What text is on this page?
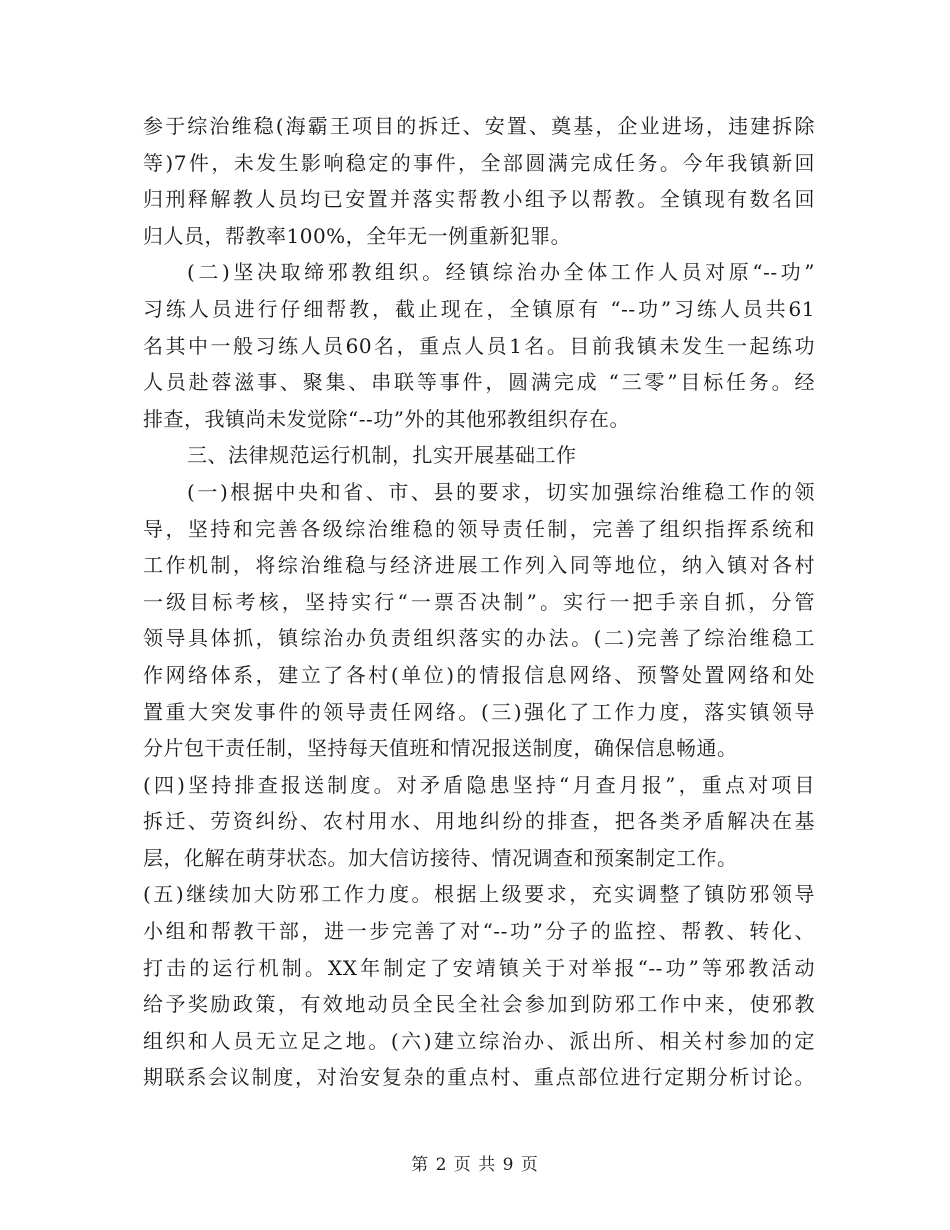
参于综治维稳(海霸王项目的拆迁、安置、奠基，企业进场，违建拆除
等)7件，未发生影响稳定的事件，全部圆满完成任务。今年我镇新回
归刑释解教人员均已安置并落实帮教小组予以帮教。全镇现有数名回
归人员，帮教率100%，全年无一例重新犯罪。
(二)坚决取缔邪教组织。经镇综治办全体工作人员对原“--功”
习练人员进行仔细帮教，截止现在，全镇原有 “--功”习练人员共61
名其中一般习练人员60名，重点人员1名。目前我镇未发生一起练功
人员赴蓉滋事、聚集、串联等事件，圆满完成 “三零”目标任务。经
排查，我镇尚未发觉除“--功”外的其他邪教组织存在。
三、法律规范运行机制，扎实开展基础工作
(一)根据中央和省、市、县的要求，切实加强综治维稳工作的领
导，坚持和完善各级综治维稳的领导责任制，完善了组织指挥系统和
工作机制，将综治维稳与经济进展工作列入同等地位，纳入镇对各村
一级目标考核，坚持实行“一票否决制”。实行一把手亲自抓，分管
领导具体抓，镇综治办负责组织落实的办法。(二)完善了综治维稳工
作网络体系，建立了各村(单位)的情报信息网络、预警处置网络和处
置重大突发事件的领导责任网络。(三)强化了工作力度，落实镇领导
分片包干责任制，坚持每天值班和情况报送制度，确保信息畅通。
(四)坚持排查报送制度。对矛盾隐患坚持“月查月报”，重点对项目
拆迁、劳资纠纷、农村用水、用地纠纷的排查，把各类矛盾解决在基
层，化解在萌芽状态。加大信访接待、情况调查和预案制定工作。
(五)继续加大防邪工作力度。根据上级要求，充实调整了镇防邪领导
小组和帮教干部，进一步完善了对“--功”分子的监控、帮教、转化、
打击的运行机制。XX年制定了安靖镇关于对举报“--功”等邪教活动
给予奖励政策，有效地动员全民全社会参加到防邪工作中来，使邪教
组织和人员无立足之地。(六)建立综治办、派出所、相关村参加的定
期联系会议制度，对治安复杂的重点村、重点部位进行定期分析讨论。
第 2 页 共 9 页
